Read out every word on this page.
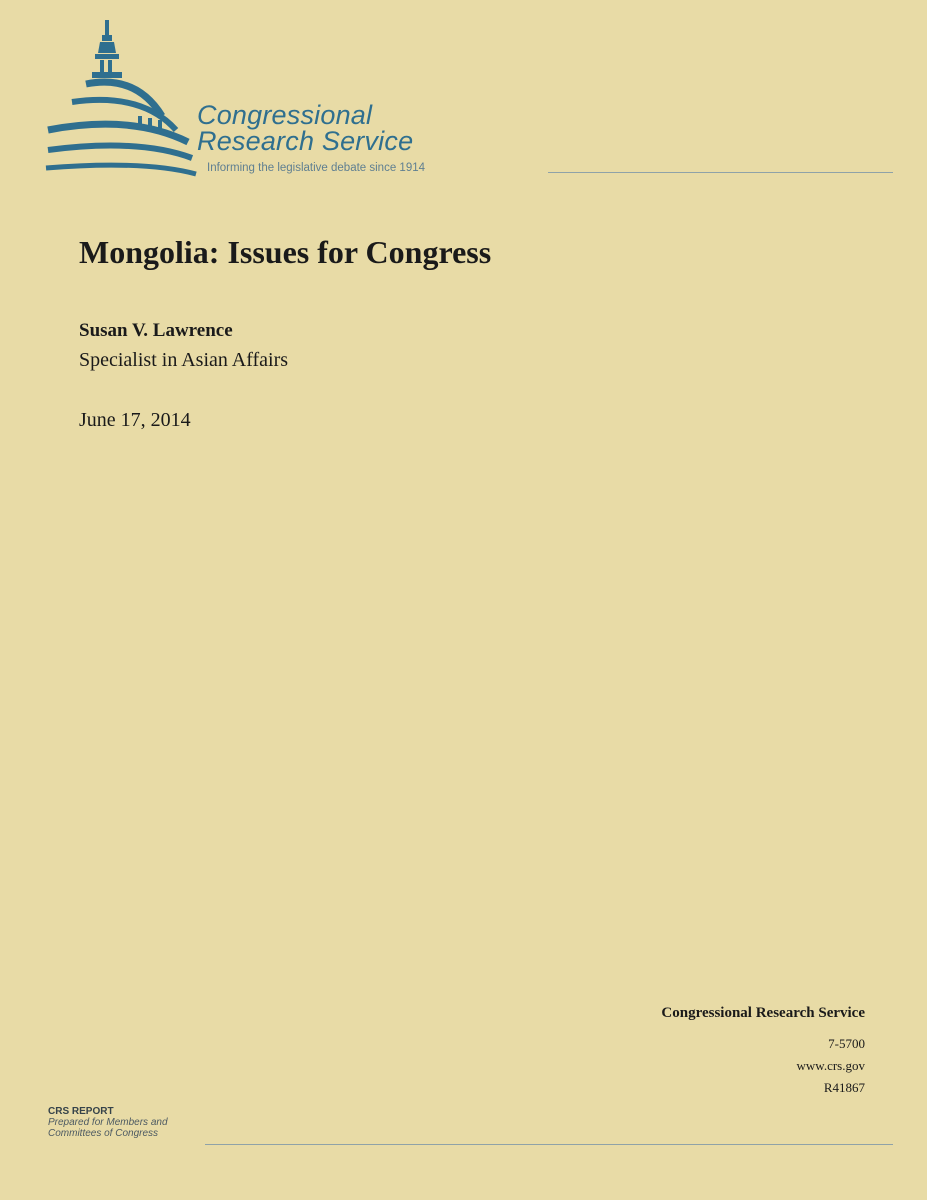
Congressional
Research Service
Informing the legislative debate since 1914
Mongolia: Issues for Congress
Susan V. Lawrence
Specialist in Asian Affairs
June 17, 2014
Congressional Research Service
7-5700
www.crs.gov
R41867
CRS REPORT
Prepared for Members and
Committees of Congress
